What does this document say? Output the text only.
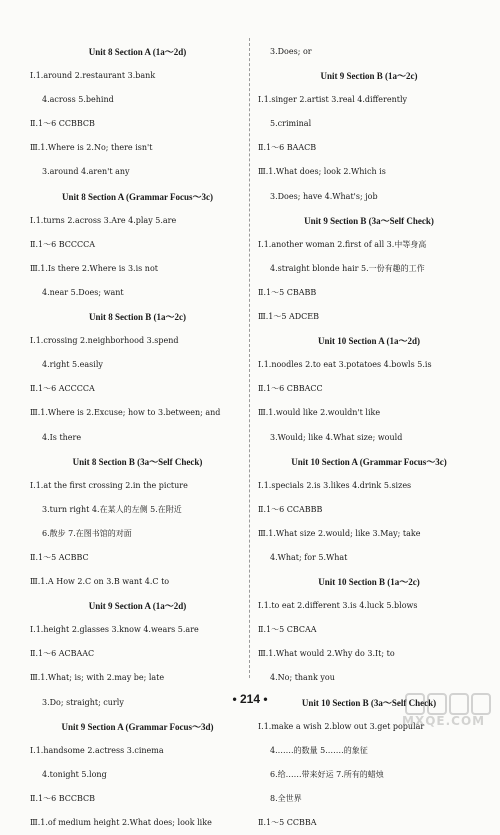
Unit 8 Section A (1a～2d)
Ⅰ.1.around 2.restaurant 3.bank
4.across 5.behind
Ⅱ.1～6 CCBBCB
Ⅲ.1.Where is 2.No; there isn't
3.around 4.aren't any
Unit 8 Section A (Grammar Focus～3c)
Ⅰ.1.turns 2.across 3.Are 4.play 5.are
Ⅱ.1～6 BCCCCA
Ⅲ.1.Is there 2.Where is 3.is not
4.near 5.Does; want
Unit 8 Section B (1a～2c)
Ⅰ.1.crossing 2.neighborhood 3.spend
4.right 5.easily
Ⅱ.1～6 ACCCCA
Ⅲ.1.Where is 2.Excuse; how to 3.between; and
4.Is there
Unit 8 Section B (3a～Self Check)
Ⅰ.1.at the first crossing 2.in the picture
3.turn right 4.在某人的左侧 5.在附近
6.散步 7.在图书馆的对面
Ⅱ.1～5 ACBBC
Ⅲ.1.A How 2.C on 3.B want 4.C to
Unit 9 Section A (1a～2d)
Ⅰ.1.height 2.glasses 3.know 4.wears 5.are
Ⅱ.1～6 ACBAAC
Ⅲ.1.What; is; with 2.may be; late
3.Do; straight; curly
Unit 9 Section A (Grammar Focus～3d)
Ⅰ.1.handsome 2.actress 3.cinema
4.tonight 5.long
Ⅱ.1～6 BCCBCB
Ⅲ.1.of medium height 2.What does; look like
3.Does; or
Unit 9 Section B (1a～2c)
Ⅰ.1.singer 2.artist 3.real 4.differently
5.criminal
Ⅱ.1～6 BAACB
Ⅲ.1.What does; look 2.Which is
3.Does; have 4.What's; job
Unit 9 Section B (3a～Self Check)
Ⅰ.1.another woman 2.first of all 3.中等身高
4.straight blonde hair 5.一份有趣的工作
Ⅱ.1～5 CBABB
Ⅲ.1～5 ADCEB
Unit 10 Section A (1a～2d)
Ⅰ.1.noodles 2.to eat 3.potatoes 4.bowls 5.is
Ⅱ.1～6 CBBACC
Ⅲ.1.would like 2.wouldn't like
3.Would; like 4.What size; would
Unit 10 Section A (Grammar Focus～3c)
Ⅰ.1.specials 2.is 3.likes 4.drink 5.sizes
Ⅱ.1～6 CCABBB
Ⅲ.1.What size 2.would; like 3.May; take
4.What; for 5.What
Unit 10 Section B (1a～2c)
Ⅰ.1.to eat 2.different 3.is 4.luck 5.blows
Ⅱ.1～5 CBCAA
Ⅲ.1.What would 2.Why do 3.It; to
4.No; thank you
Unit 10 Section B (3a～Self Check)
Ⅰ.1.make a wish 2.blow out 3.get popular
4.……的数量 5.……的象征
6.给……带来好运 7.所有的蜡烛
8.全世界
Ⅱ.1～5 CCBBA
• 214 •
MXQE.COM
